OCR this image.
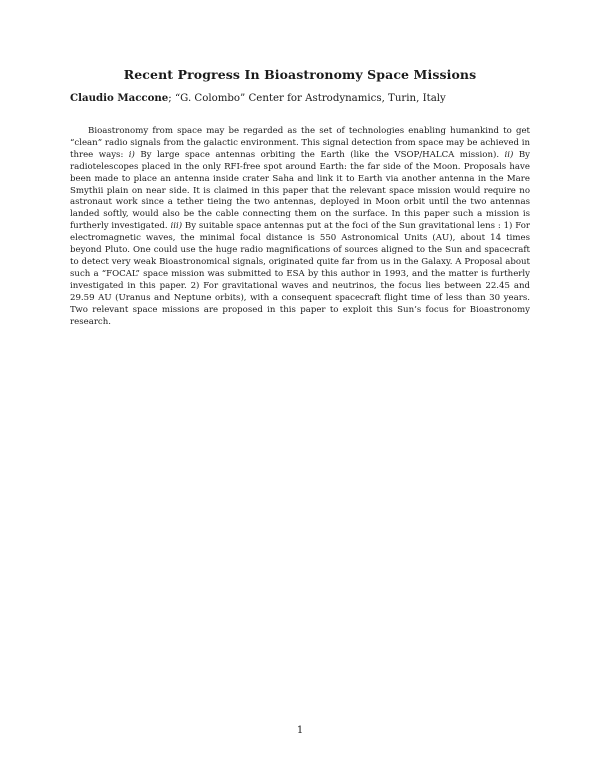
Recent Progress In Bioastronomy Space Missions
Claudio Maccone; “G. Colombo” Center for Astrodynamics, Turin, Italy

Bioastronomy from space may be regarded as the set of technologies enabling humankind to get “clean” radio signals from the galactic environment. This signal detection from space may be achieved in three ways: i) By large space antennas orbiting the Earth (like the VSOP/HALCA mission). ii) By radiotelescopes placed in the only RFI-free spot around Earth: the far side of the Moon. Proposals have been made to place an antenna inside crater Saha and link it to Earth via another antenna in the Mare Smythii plain on near side. It is claimed in this paper that the relevant space mission would require no astronaut work since a tether tieing the two antennas, deployed in Moon orbit until the two antennas landed softly, would also be the cable connecting them on the surface. In this paper such a mission is furtherly investigated. iii) By suitable space antennas put at the foci of the Sun gravitational lens : 1) For electromagnetic waves, the minimal focal distance is 550 Astronomical Units (AU), about 14 times beyond Pluto. One could use the huge radio magnifications of sources aligned to the Sun and spacecraft to detect very weak Bioastronomical signals, originated quite far from us in the Galaxy. A Proposal about such a “FOCAL” space mission was submitted to ESA by this author in 1993, and the matter is furtherly investigated in this paper. 2) For gravitational waves and neutrinos, the focus lies between 22.45 and 29.59 AU (Uranus and Neptune orbits), with a consequent spacecraft flight time of less than 30 years. Two relevant space missions are proposed in this paper to exploit this Sun’s focus for Bioastronomy research.

1
